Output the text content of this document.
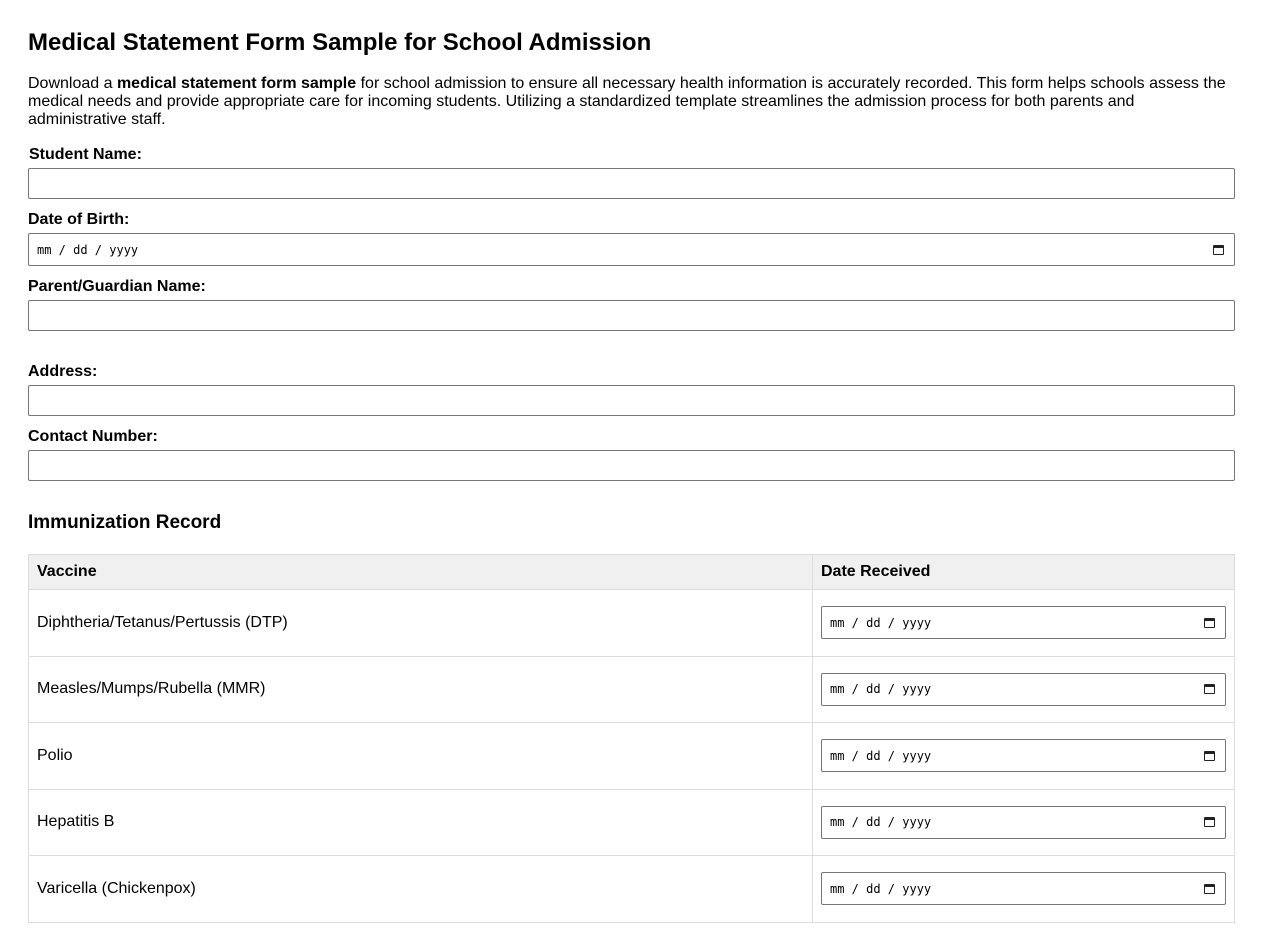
Medical Statement Form Sample for School Admission

Download a medical statement form sample for school admission to ensure all necessary health information is accurately recorded. This form helps schools assess the medical needs and provide appropriate care for incoming students. Utilizing a standardized template streamlines the admission process for both parents and administrative staff.

Student Name:
Date of Birth:
mm / dd / yyyy
Parent/Guardian Name:
Address:
Contact Number:
Immunization Record
Vaccine	Date Received
Diphtheria/Tetanus/Pertussis (DTP)	mm / dd / yyyy

Measles/Mumps/Rubella (MMR)	mm / dd / yyyy

Polio	mm / dd / yyyy

Hepatitis B	mm / dd / yyyy

Varicella (Chickenpox)	mm / dd / yyyy
